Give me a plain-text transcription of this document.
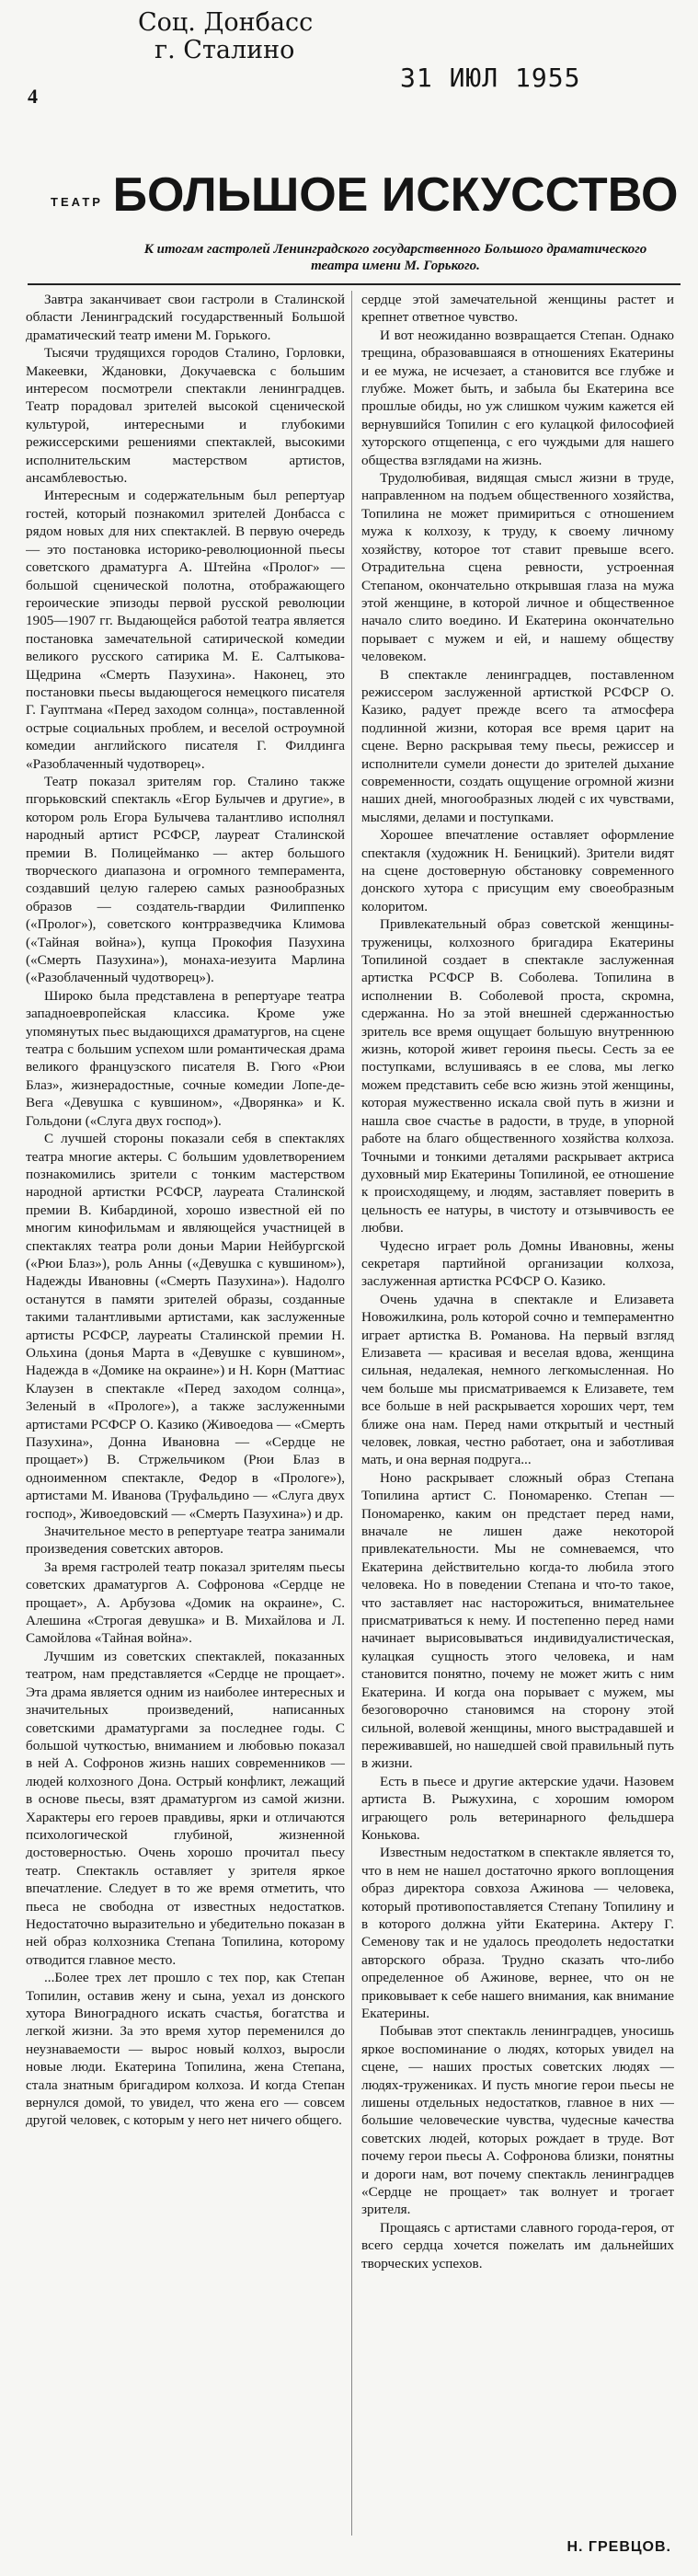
Соц. Донбасс
г. Сталино
31 ИЮЛ 1955
4
ТЕАТР БОЛЬШОЕ ИСКУССТВО
К итогам гастролей Ленинградского государственного Большого драматического театра имени М. Горького.

Завтра заканчивает свои гастроли в Сталинской области Ленинградский государственный Большой драматический театр имени М. Горького.

Тысячи трудящихся городов Сталино, Горловки, Макеевки, Ждановки, Докучаевска с большим интересом посмотрели спектакли ленинградцев. Театр порадовал зрителей высокой сценической культурой, интересными и глубокими режиссерскими решениями спектаклей, высокими исполнительским мастерством артистов, ансамблевостью.

Интересным и содержательным был репертуар гостей, который познакомил зрителей Донбасса с рядом новых для них спектаклей. В первую очередь — это постановка историко-революционной пьесы советского драматурга А. Штейна «Пролог» — большой сценической полотна, отображающего героические эпизоды первой русской революции 1905—1907 гг. Выдающейся работой театра является постановка замечательной сатирической комедии великого русского сатирика М. Е. Салтыкова-Щедрина «Смерть Пазухина». Наконец, это постановки пьесы выдающегося немецкого писателя Г. Гауптмана «Перед заходом солнца», поставленной острые социальных проблем, и веселой остроумной комедии английского писателя Г. Филдинга «Разоблаченный чудотворец».

Театр показал зрителям гор. Сталино также пгорьковский спектакль «Егор Булычев и другие», в котором роль Егора Булычева талантливо исполнял народный артист РСФСР, лауреат Сталинской премии В. Полицейманко — актер большого творческого диапазона и огромного темперамента, создавший целую галерею самых разнообразных образов — создатель-гвардии Филиппенко («Пролог»), советского контрразведчика Климова («Тайная война»), купца Прокофия Пазухина («Смерть Пазухина»), монаха-иезуита Марлина («Разоблаченный чудотворец»).

Широко была представлена в репертуаре театра западноевропейская классика. Кроме уже упомянутых пьес выдающихся драматургов, на сцене театра с большим успехом шли романтическая драма великого французского писателя В. Гюго «Рюи Блаз», жизнерадостные, сочные комедии Лопе-де-Вега «Девушка с кувшином», «Дворянка» и К. Гольдони («Слуга двух господ»).

С лучшей стороны показали себя в спектаклях театра многие актеры. С большим удовлетворением познакомились зрители с тонким мастерством народной артистки РСФСР, лауреата Сталинской премии В. Кибардиной, хорошо известной ей по многим кинофильмам и являющейся участницей в спектаклях театра роли доньи Марии Нейбургской («Рюи Блаз»), роль Анны («Девушка с кувшином»), Надежды Ивановны («Смерть Пазухина»). Надолго останутся в памяти зрителей образы, созданные такими талантливыми артистами, как заслуженные артисты РСФСР, лауреаты Сталинской премии Н. Ольхина (донья Марта в «Девушке с кувшином», Надежда в «Домике на окраине») и Н. Корн (Маттиас Клаузен в спектакле «Перед заходом солнца», Зеленый в «Прологе»), а также заслуженными артистами РСФСР О. Казико (Живоедова — «Смерть Пазухина», Донна Ивановна — «Сердце не прощает») В. Стржельчиком (Рюи Блаз в одноименном спектакле, Федор в «Прологе»), артистами М. Иванова (Труфальдино — «Слуга двух господ», Живоедовский — «Смерть Пазухина») и др.

Значительное место в репертуаре театра занимали произведения советских авторов.

За время гастролей театр показал зрителям пьесы советских драматургов А. Софронова «Сердце не прощает», А. Арбузова «Домик на окраине», С. Алешина «Строгая девушка» и В. Михайлова и Л. Самойлова «Тайная война».

Лучшим из советских спектаклей, показанных театром, нам представляется «Сердце не прощает». Эта драма является одним из наиболее интересных и значительных произведений, написанных советскими драматургами за последнее годы. С большой чуткостью, вниманием и любовью показал в ней А. Софронов жизнь наших современников — людей колхозного Дона. Острый конфликт, лежащий в основе пьесы, взят драматургом из самой жизни. Характеры его героев правдивы, ярки и отличаются психологической глубиной, жизненной достоверностью. Очень хорошо прочитал пьесу театр. Спектакль оставляет у зрителя яркое впечатление. Следует в то же время отметить, что пьеса не свободна от известных недостатков. Недостаточно выразительно и убедительно показан в ней образ колхозника Степана Топилина, которому отводится главное место.

...Более трех лет прошло с тех пор, как Степан Топилин, оставив жену и сына, уехал из донского хутора Виноградного искать счастья, богатства и легкой жизни. За это время хутор переменился до неузнаваемости — вырос новый колхоз, выросли новые люди. Екатерина Топилина, жена Степана, стала знатным бригадиром колхоза. И когда Степан вернулся домой, то увидел, что жена его — совсем другой человек, с которым у него нет ничего общего.

сердце этой замечательной женщины растет и крепнет ответное чувство.

И вот неожиданно возвращается Степан. Однако трещина, образовавшаяся в отношениях Екатерины и ее мужа, не исчезает, а становится все глубже и глубже. Может быть, и забыла бы Екатерина все прошлые обиды, но уж слишком чужим кажется ей вернувшийся Топилин с его кулацкой философией хуторского отщепенца, с его чуждыми для нашего общества взглядами на жизнь.

Трудолюбивая, видящая смысл жизни в труде, направленном на подъем общественного хозяйства, Топилина не может примириться с отношением мужа к колхозу, к труду, к своему личному хозяйству, которое тот ставит превыше всего. Отрадительна сцена ревности, устроенная Степаном, окончательно открывшая глаза на мужа этой женщине, в которой личное и общественное начало слито воедино. И Екатерина окончательно порывает с мужем и ей, и нашему обществу человеком.

В спектакле ленинградцев, поставленном режиссером заслуженной артисткой РСФСР О. Казико, радует прежде всего та атмосфера подлинной жизни, которая все время царит на сцене. Верно раскрывая тему пьесы, режиссер и исполнители сумели донести до зрителей дыхание современности, создать ощущение огромной жизни наших дней, многообразных людей с их чувствами, мыслями, делами и поступками.

Хорошее впечатление оставляет оформление спектакля (художник Н. Беницкий). Зрители видят на сцене достоверную обстановку современного донского хутора с присущим ему своеобразным колоритом.

Привлекательный образ советской женщины-труженицы, колхозного бригадира Екатерины Топилиной создает в спектакле заслуженная артистка РСФСР В. Соболева. Топилина в исполнении В. Соболевой проста, скромна, сдержанна. Но за этой внешней сдержанностью зритель все время ощущает большую внутреннюю жизнь, которой живет героиня пьесы. Сесть за ее поступками, вслушиваясь в ее слова, мы легко можем представить себе всю жизнь этой женщины, которая мужественно искала свой путь в жизни и нашла свое счастье в радости, в труде, в упорной работе на благо общественного хозяйства колхоза. Точными и тонкими деталями раскрывает актриса духовный мир Екатерины Топилиной, ее отношение к происходящему, и людям, заставляет поверить в цельность ее натуры, в чистоту и отзывчивость ее любви.

Чудесно играет роль Домны Ивановны, жены секретаря партийной организации колхоза, заслуженная артистка РСФСР О. Казико.

Очень удачна в спектакле и Елизавета Новожилкина, роль которой сочно и темпераментно играет артистка В. Романова. На первый взгляд Елизавета — красивая и веселая вдова, женщина сильная, недалекая, немного легкомысленная. Но чем больше мы присматриваемся к Елизавете, тем все больше в ней раскрывается хороших черт, тем ближе она нам. Перед нами открытый и честный человек, ловкая, честно работает, она и заботливая мать, и она верная подруга...

Ноно раскрывает сложный образ Степана Топилина артист С. Пономаренко. Степан — Пономаренко, каким он предстает перед нами, вначале не лишен даже некоторой привлекательности. Мы не сомневаемся, что Екатерина действительно когда-то любила этого человека. Но в поведении Степана и что-то такое, что заставляет нас насторожиться, внимательнее присматриваться к нему. И постепенно перед нами начинает вырисовываться индивидуалистическая, кулацкая сущность этого человека, и нам становится понятно, почему не может жить с ним Екатерина. И когда она порывает с мужем, мы безоговорочно становимся на сторону этой сильной, волевой женщины, много выстрадавшей и переживавшей, но нашедшей свой правильный путь в жизни.

Есть в пьесе и другие актерские удачи. Назовем артиста В. Рыжухина, с хорошим юмором играющего роль ветеринарного фельдшера Конькова.

Известным недостатком в спектакле является то, что в нем не нашел достаточно яркого воплощения образ директора совхоза Ажинова — человека, который противопоставляется Степану Топилину и в которого должна уйти Екатерина. Актеру Г. Семенову так и не удалось преодолеть недостатки авторского образа. Трудно сказать что-либо определенное об Ажинове, вернее, что он не приковывает к себе нашего внимания, как внимание Екатерины.

Побывав этот спектакль ленинградцев, уносишь яркое воспоминание о людях, которых увидел на сцене, — наших простых советских людях — людях-тружениках. И пусть многие герои пьесы не лишены отдельных недостатков, главное в них — большие человеческие чувства, чудесные качества советских людей, которых рождает в труде. Вот почему герои пьесы А. Софронова близки, понятны и дороги нам, вот почему спектакль ленинградцев «Сердце не прощает» так волнует и трогает зрителя.

Прощаясь с артистами славного города-героя, от всего сердца хочется пожелать им дальнейших творческих успехов.

Н. ГРЕВЦОВ.
